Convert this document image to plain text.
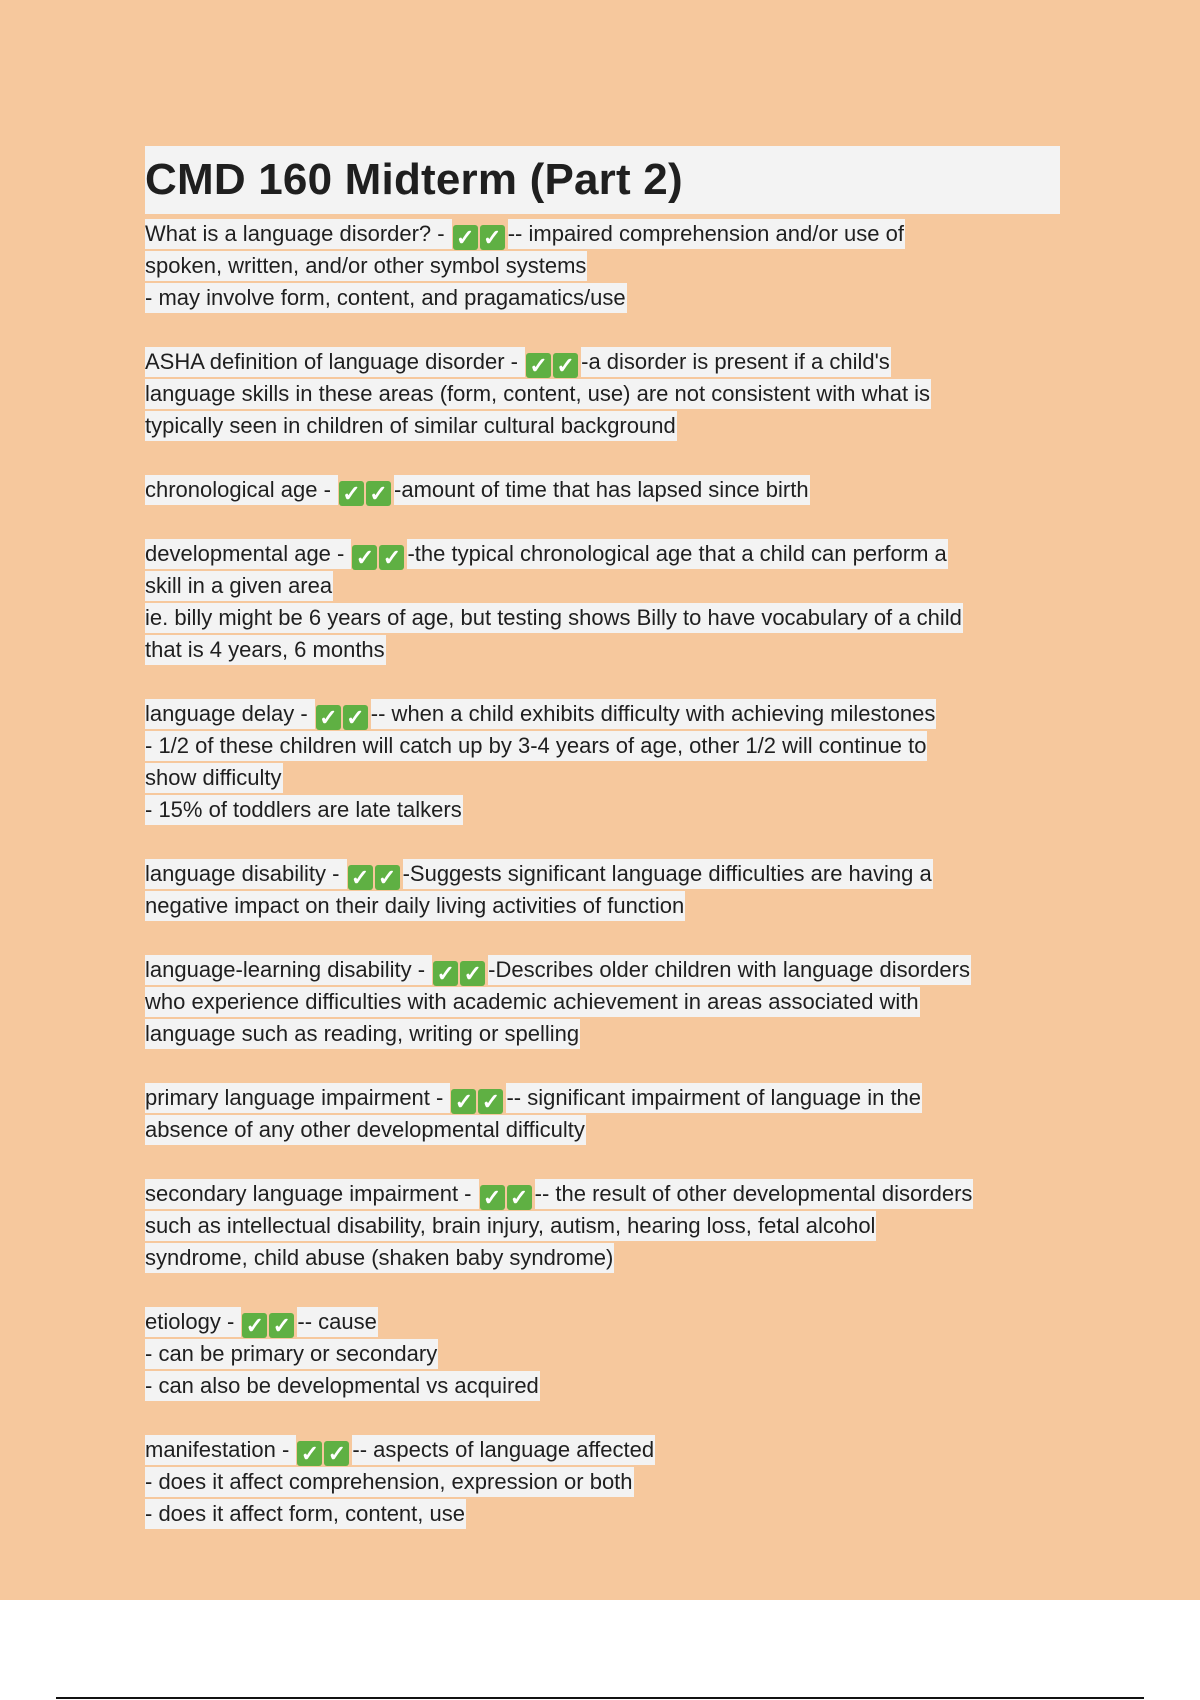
CMD 160 Midterm (Part 2)
What is a language disorder? - ✓ ✓ -- impaired comprehension and/or use of
spoken, written, and/or other symbol systems
- may involve form, content, and pragamatics/use
ASHA definition of language disorder - ✓ ✓ -a disorder is present if a child's
language skills in these areas (form, content, use) are not consistent with what is
typically seen in children of similar cultural background
chronological age - ✓ ✓ -amount of time that has lapsed since birth
developmental age - ✓ ✓ -the typical chronological age that a child can perform a
skill in a given area
ie. billy might be 6 years of age, but testing shows Billy to have vocabulary of a child
that is 4 years, 6 months
language delay - ✓ ✓ -- when a child exhibits difficulty with achieving milestones
- 1/2 of these children will catch up by 3-4 years of age, other 1/2 will continue to
show difficulty
- 15% of toddlers are late talkers
language disability - ✓ ✓ -Suggests significant language difficulties are having a
negative impact on their daily living activities of function
language-learning disability - ✓ ✓ -Describes older children with language disorders
who experience difficulties with academic achievement in areas associated with
language such as reading, writing or spelling
primary language impairment - ✓ ✓ -- significant impairment of language in the
absence of any other developmental difficulty
secondary language impairment - ✓ ✓ -- the result of other developmental disorders
such as intellectual disability, brain injury, autism, hearing loss, fetal alcohol
syndrome, child abuse (shaken baby syndrome)
etiology - ✓ ✓ -- cause
- can be primary or secondary
- can also be developmental vs acquired
manifestation - ✓ ✓ -- aspects of language affected
- does it affect comprehension, expression or both
- does it affect form, content, use
